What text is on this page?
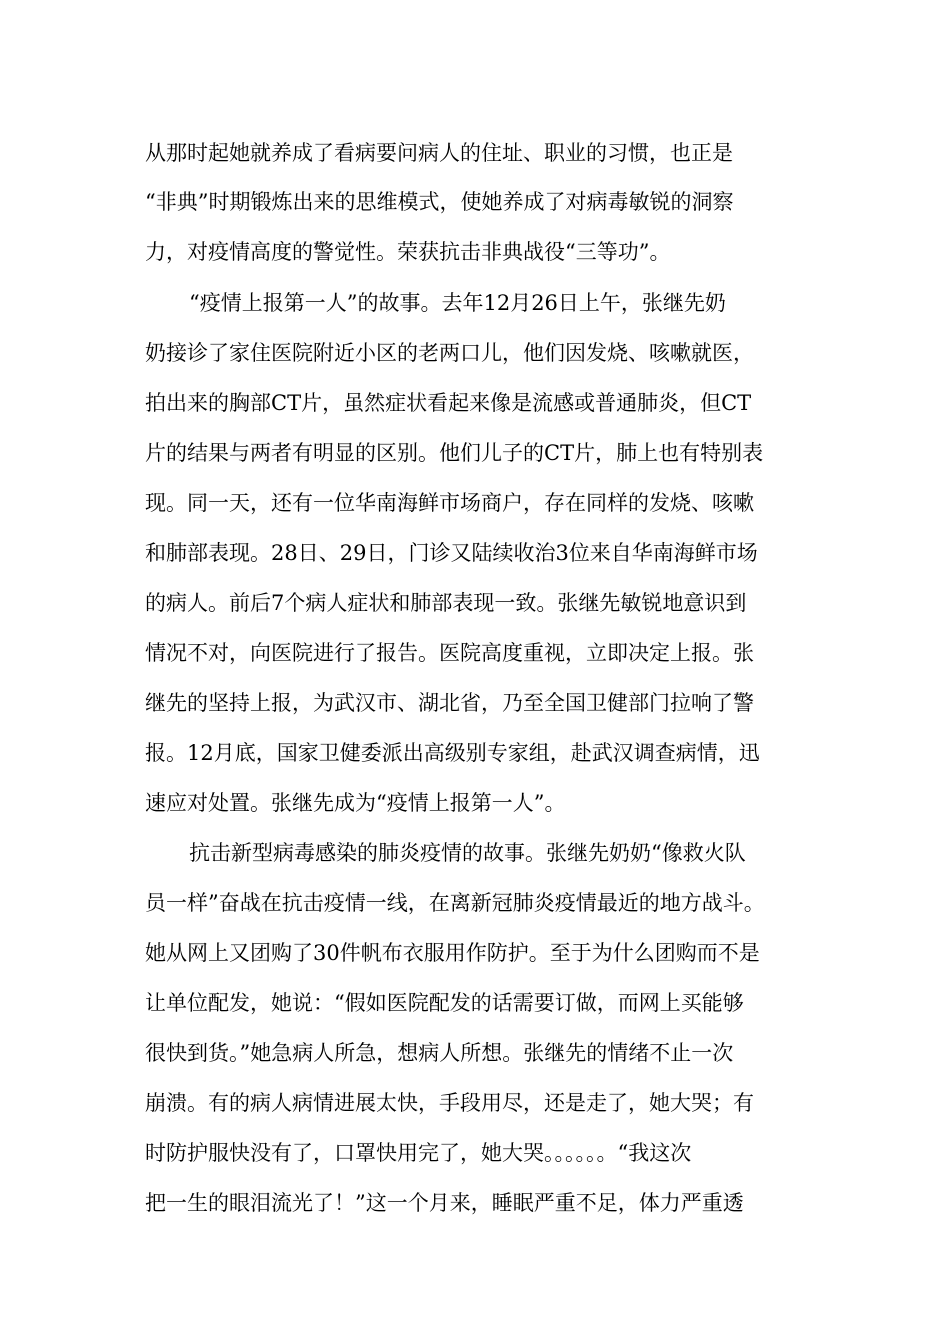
从那时起她就养成了看病要问病人的住址、职业的习惯，也正是
“非典”时期锻炼出来的思维模式，使她养成了对病毒敏锐的洞察
力，对疫情高度的警觉性。荣获抗击非典战役“三等功”。
“疫情上报第一人”的故事。去年12月26日上午，张继先奶
奶接诊了家住医院附近小区的老两口儿，他们因发烧、咳嗽就医，
拍出来的胸部CT片，虽然症状看起来像是流感或普通肺炎，但CT
片的结果与两者有明显的区别。他们儿子的CT片，肺上也有特别表
现。同一天，还有一位华南海鲜市场商户，存在同样的发烧、咳嗽
和肺部表现。28日、29日，门诊又陆续收治3位来自华南海鲜市场
的病人。前后7个病人症状和肺部表现一致。张继先敏锐地意识到
情况不对，向医院进行了报告。医院高度重视，立即决定上报。张
继先的坚持上报，为武汉市、湖北省，乃至全国卫健部门拉响了警
报。12月底，国家卫健委派出高级别专家组，赴武汉调查病情，迅
速应对处置。张继先成为“疫情上报第一人”。
抗击新型病毒感染的肺炎疫情的故事。张继先奶奶“像救火队
员一样”奋战在抗击疫情一线，在离新冠肺炎疫情最近的地方战斗。
她从网上又团购了30件帆布衣服用作防护。至于为什么团购而不是
让单位配发，她说：“假如医院配发的话需要订做，而网上买能够
很快到货。”她急病人所急，想病人所想。张继先的情绪不止一次
崩溃。有的病人病情进展太快，手段用尽，还是走了，她大哭；有
时防护服快没有了，口罩快用完了，她大哭。。。。。。“我这次
把一生的眼泪流光了！”这一个月来，睡眠严重不足，体力严重透
